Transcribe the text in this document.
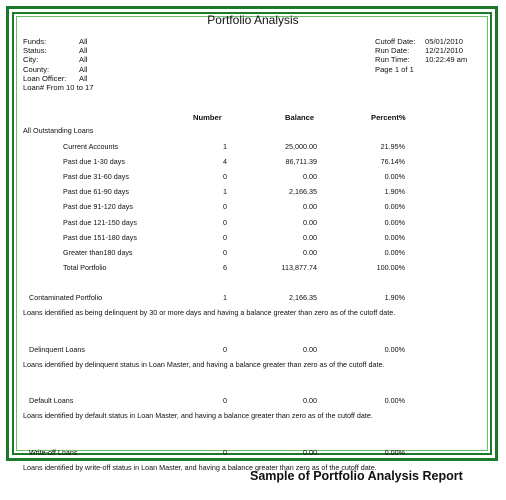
Portfolio Analysis
Funds:	All
Status:	All
City:	All
County:	All
Loan Officer: All
Loan# From 10 to 17
Cutoff Date: 05/01/2010
Run Date: 12/21/2010
Run Time: 10:22:49 am
Page 1 of 1
Number	Balance	Percent%
All Outstanding Loans
Current Accounts	1	25,000.00	21.95%
Past due 1-30 days	4	86,711.39	76.14%
Past due 31-60 days	0	0.00	0.00%
Past due 61-90 days	1	2,166.35	1.90%
Past due 91-120 days	0	0.00	0.00%
Past due 121-150 days	0	0.00	0.00%
Past due 151-180 days	0	0.00	0.00%
Greater than180 days	0	0.00	0.00%
Total Portfolio	6	113,877.74	100.00%
Contaminated Portfolio	1	2,166.35	1.90%
Loans identified as being delinquent by 30 or more days and having a balance greater than zero as of the cutoff date.
Delinquent Loans	0	0.00	0.00%
Loans identified by delinquent status in Loan Master, and having a balance greater than zero as of the cutoff date.
Default Loans	0	0.00	0.00%
Loans identified by default status in Loan Master, and having a balance greater than zero as of the cutoff date.
Write-off Loans	0	0.00	0.00%
Loans identified by write-off status in Loan Master, and having a balance greater than zero as of the cutoff date.
Sample of Portfolio Analysis Report
